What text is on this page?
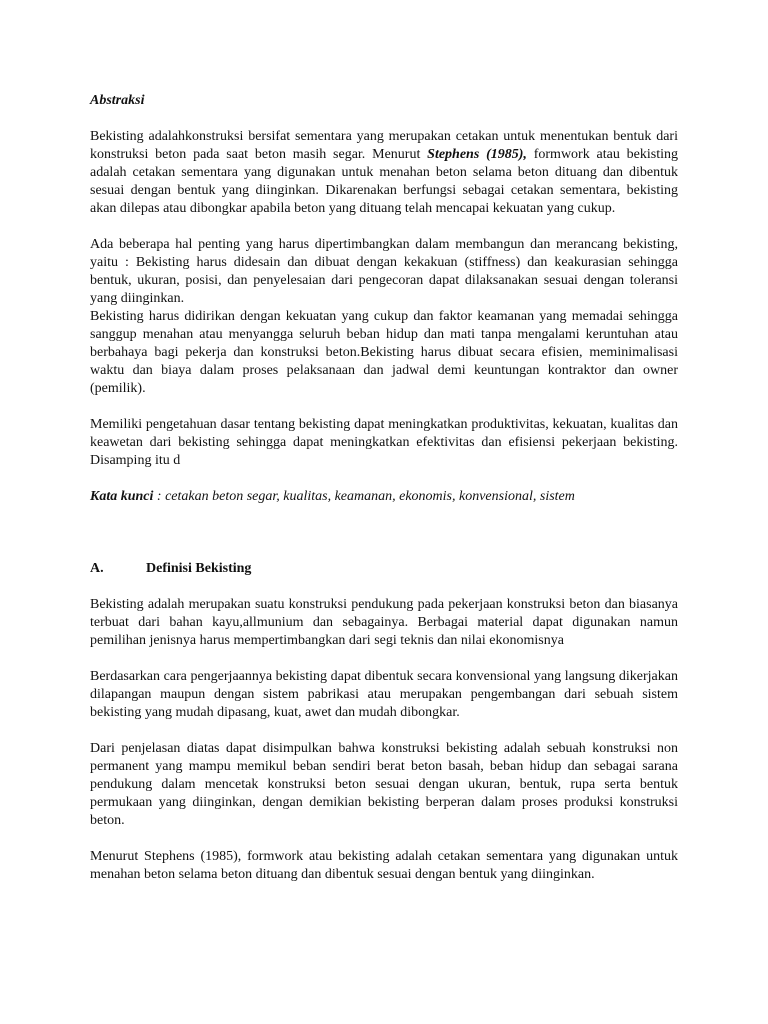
Abstraksi

Bekisting adalahkonstruksi bersifat sementara yang merupakan cetakan untuk menentukan bentuk dari konstruksi beton pada saat beton masih segar. Menurut Stephens (1985), formwork atau bekisting adalah cetakan sementara yang digunakan untuk menahan beton selama beton dituang dan dibentuk sesuai dengan bentuk yang diinginkan. Dikarenakan berfungsi sebagai cetakan sementara, bekisting akan dilepas atau dibongkar apabila beton yang dituang telah mencapai kekuatan yang cukup.

Ada beberapa hal penting yang harus dipertimbangkan dalam membangun dan merancang bekisting, yaitu : Bekisting harus didesain dan dibuat dengan kekakuan (stiffness) dan keakurasian sehingga bentuk, ukuran, posisi, dan penyelesaian dari pengecoran dapat dilaksanakan sesuai dengan toleransi yang diinginkan.

Bekisting harus didirikan dengan kekuatan yang cukup dan faktor keamanan yang memadai sehingga sanggup menahan atau menyangga seluruh beban hidup dan mati tanpa mengalami keruntuhan atau berbahaya bagi pekerja dan konstruksi beton.Bekisting harus dibuat secara efisien, meminimalisasi waktu dan biaya dalam proses pelaksanaan dan jadwal demi keuntungan kontraktor dan owner (pemilik).

Memiliki pengetahuan dasar tentang bekisting dapat meningkatkan produktivitas, kekuatan, kualitas dan keawetan dari bekisting sehingga dapat meningkatkan efektivitas dan efisiensi pekerjaan bekisting. Disamping itu d

Kata kunci : cetakan beton segar, kualitas, keamanan, ekonomis, konvensional, sistem
A.	Definisi Bekisting

Bekisting adalah merupakan suatu konstruksi pendukung pada pekerjaan konstruksi beton dan biasanya terbuat dari bahan kayu,allmunium dan sebagainya. Berbagai material dapat digunakan namun pemilihan jenisnya harus mempertimbangkan dari segi teknis dan nilai ekonomisnya

Berdasarkan cara pengerjaannya bekisting dapat dibentuk secara konvensional yang langsung dikerjakan dilapangan maupun dengan sistem pabrikasi atau merupakan pengembangan dari sebuah sistem bekisting yang mudah dipasang, kuat, awet dan mudah dibongkar.

Dari penjelasan diatas dapat disimpulkan bahwa konstruksi bekisting adalah sebuah konstruksi non permanent yang mampu memikul beban sendiri berat beton basah, beban hidup dan sebagai sarana pendukung dalam mencetak konstruksi beton sesuai dengan ukuran, bentuk, rupa serta bentuk permukaan yang diinginkan, dengan demikian bekisting berperan dalam proses produksi konstruksi beton.

Menurut Stephens (1985), formwork atau bekisting adalah cetakan sementara yang digunakan untuk menahan beton selama beton dituang dan dibentuk sesuai dengan bentuk yang diinginkan.
